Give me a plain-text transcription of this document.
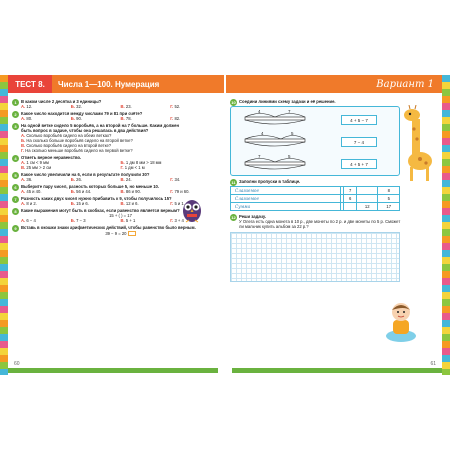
ТЕСТ 8.	Числа 1—100. Нумерация	Вариант 1
1	В каком числе 2 десятка и 3 единицы?
А. 12.	Б. 32.	В. 23.	Г. 52.
2	Какое число находится между числами 79 и 81 при счёте?
А. 80.	Б. 90.	В. 78.	Г. 82.
3	На одной ветке сидело 5 воробьёв, а на второй на 7 больше. Каким должен быть вопрос в задаче, чтобы она решалась в два действия?
А. Сколько воробьёв сидело на обеих ветках?
Б. На сколько больше воробьёв сидело на второй ветке?
В. Сколько воробьёв сидело на второй ветке?
Г. На сколько меньше воробьёв сидело на первой ветке?
4	Отметь верное неравенство.
А. 1 см < 9 мм	Б. 1 дм 8 мм > 18 мм
В. 25 мм > 2 см	Г. 1 дм < 1 м
5	Какое число увеличили на 6, если в результате получили 30?
А. 36.	Б. 26.	В. 24.	Г. 34.
6	Выберите пару чисел, разность которых больше 5, но меньше 10.
А. 45 и 40.	Б. 56 и 44.	В. 86 и 90.	Г. 79 и 60.
7	Разность каких двух чисел нужно прибавить к 9, чтобы получилось 15?
А. 8 и 2.	Б. 15 и 6.	В. 12 и 6.	Г. 5 и 1.
8	Какие выражения могут быть в скобках, если равенство является верным?
15 + ( ) = 17
А. 6 − 4	Б. 7 − 3	В. 5 + 1	Г. 3 + 4
9	Вставь в окошки знаки арифметических действий, чтобы равенство было верным.
39 − 9 = 20
10 Соедини линиями схему задачи и её решение.
4	7
4	5
7	5
4 + 5 − 7
7 − 4
4 + 5 + 7
11 Заполни пропуски в таблице.
Слагаемое		7		8
Слагаемое		6		5
Сумма			12	17
12 Реши задачу.
У Олега есть одна монета в 10 р., две монеты по 2 р. и две монеты по 5 р. Сможет ли мальчик купить альбом за 22 р.?
60	61
